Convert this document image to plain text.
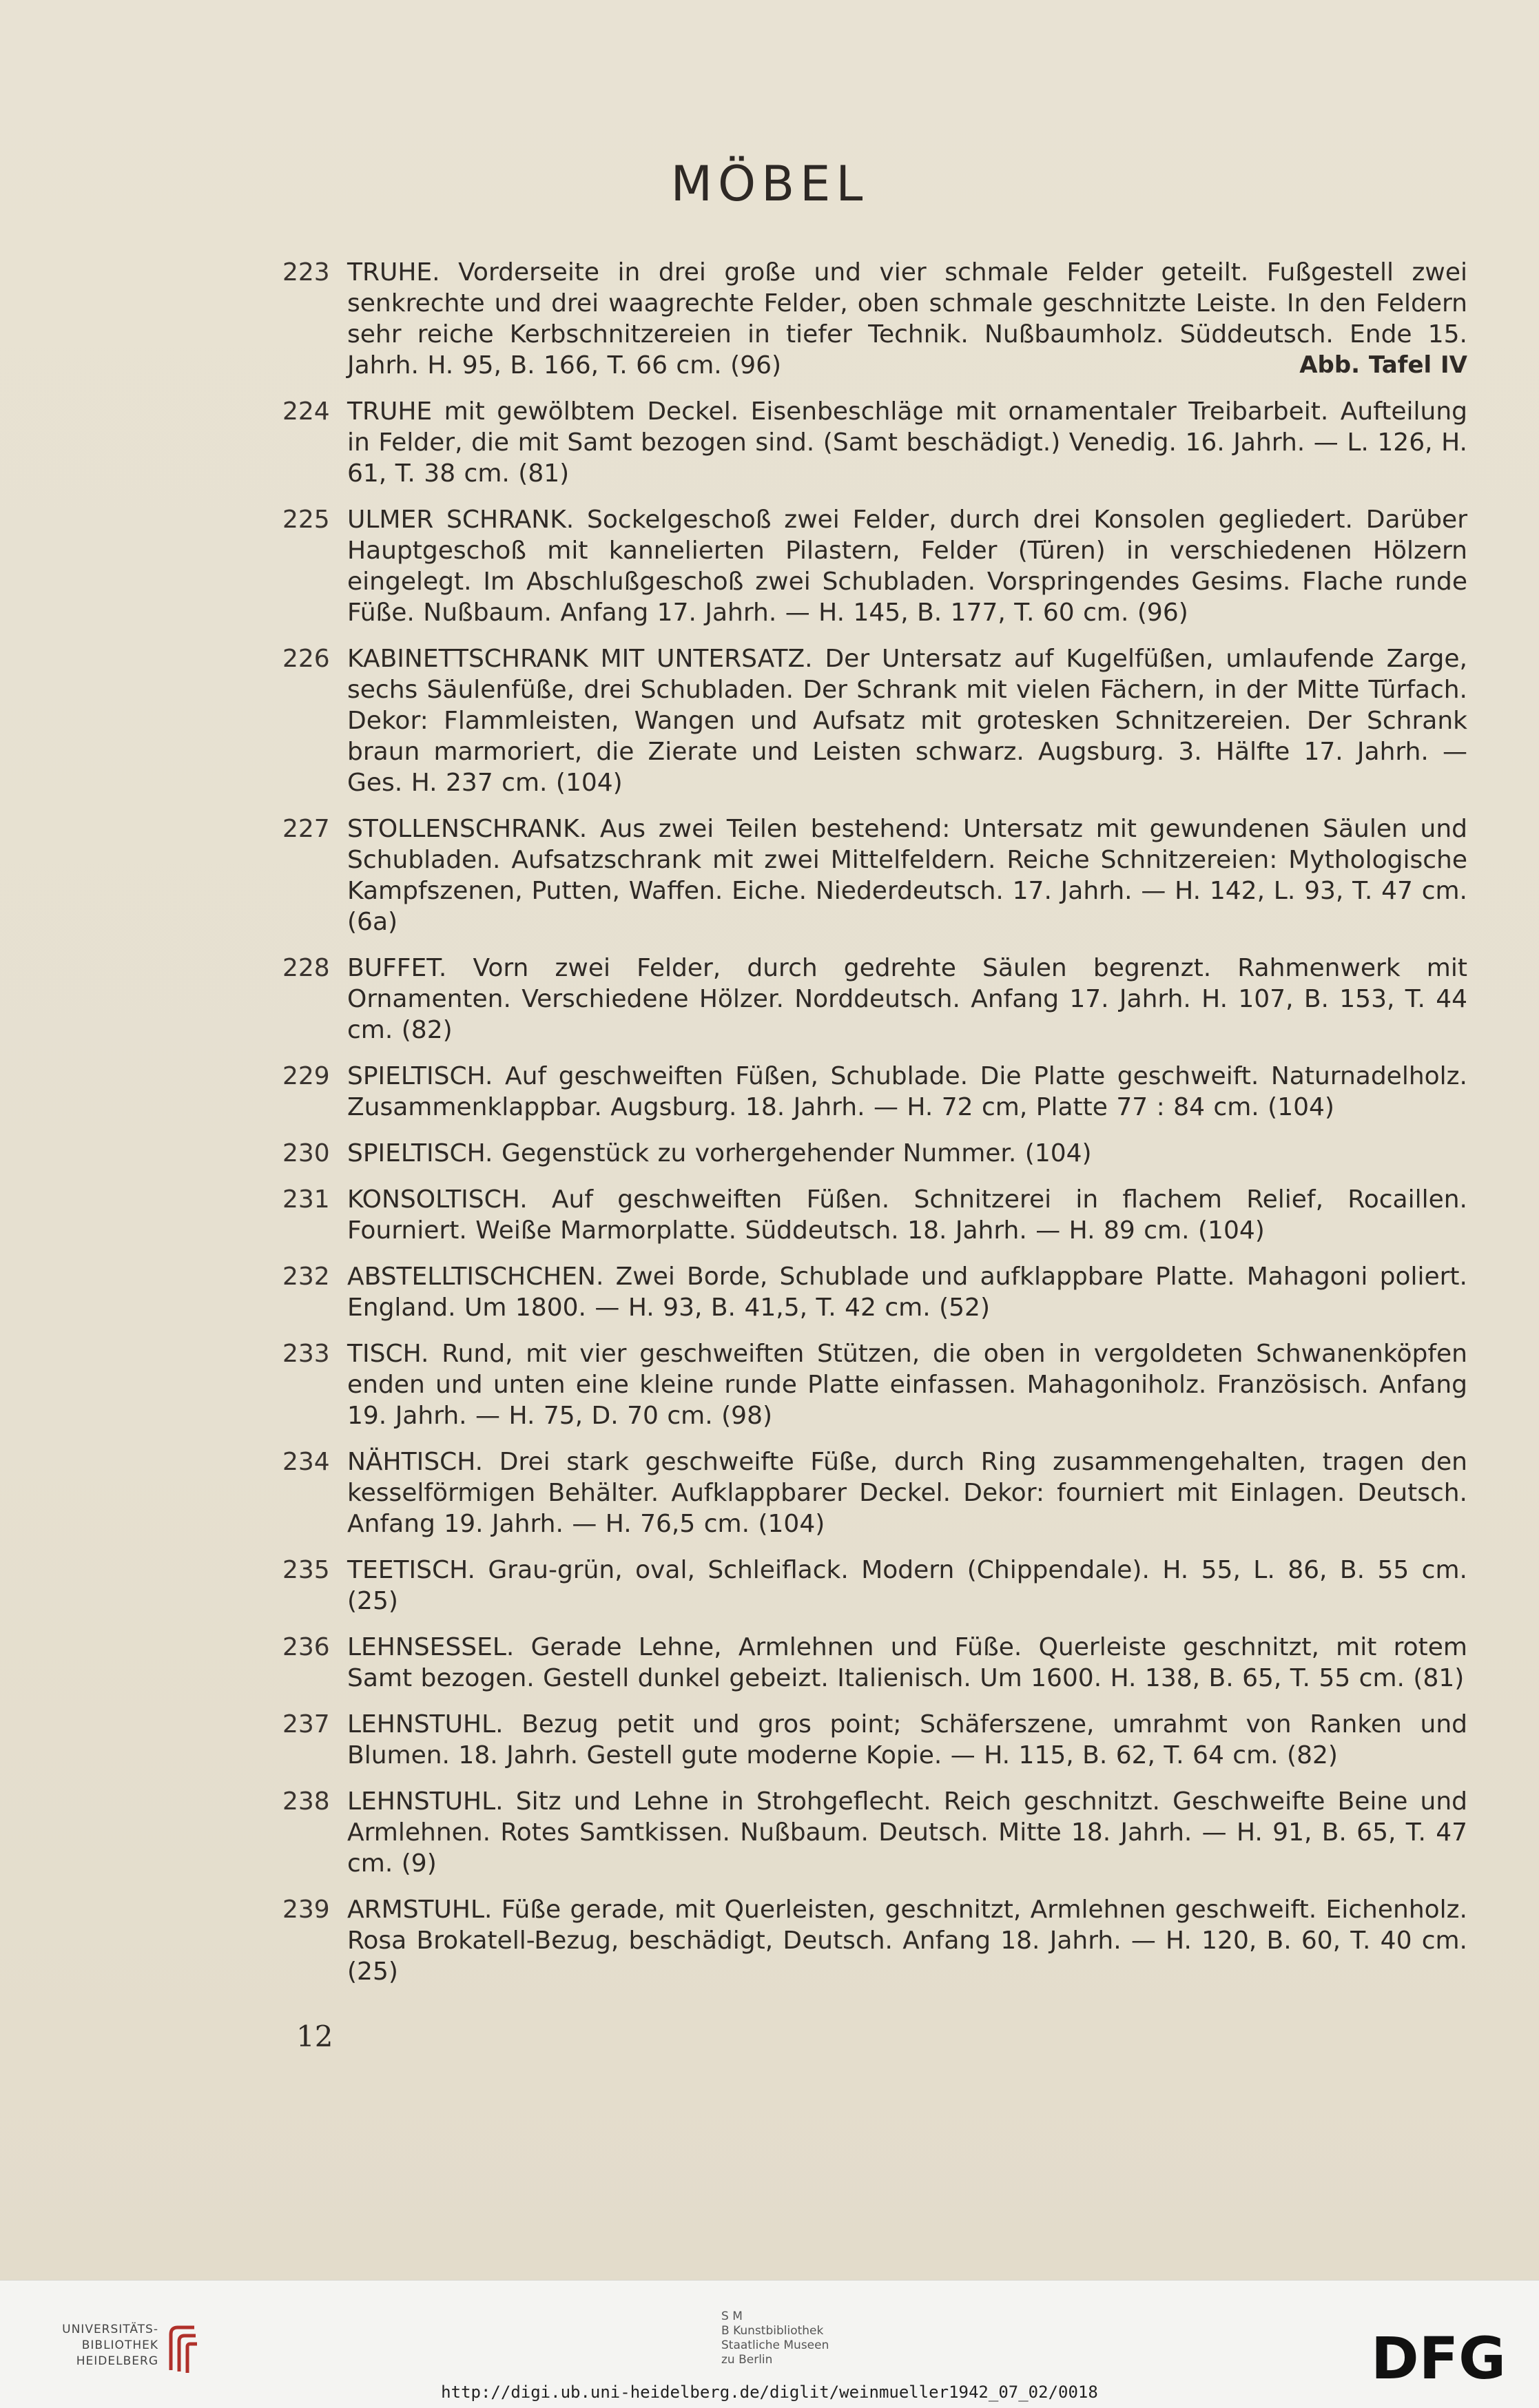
MÖBEL
223 TRUHE. Vorderseite in drei große und vier schmale Felder geteilt. Fußgestell zwei senkrechte und drei waagrechte Felder, oben schmale geschnitzte Leiste. In den Feldern sehr reiche Kerbschnitzereien in tiefer Technik. Nußbaumholz. Süddeutsch. Ende 15. Jahrh. H. 95, B. 166, T. 66 cm. (96)	Abb. Tafel IV
224 TRUHE mit gewölbtem Deckel. Eisenbeschläge mit ornamentaler Treibarbeit. Aufteilung in Felder, die mit Samt bezogen sind. (Samt beschädigt.) Venedig. 16. Jahrh. — L. 126, H. 61, T. 38 cm. (81)
225 ULMER SCHRANK. Sockelgeschoß zwei Felder, durch drei Konsolen gegliedert. Darüber Hauptgeschoß mit kannelierten Pilastern, Felder (Türen) in verschiedenen Hölzern eingelegt. Im Abschlußgeschoß zwei Schubladen. Vorspringendes Gesims. Flache runde Füße. Nußbaum. Anfang 17. Jahrh. — H. 145, B. 177, T. 60 cm. (96)
226 KABINETTSCHRANK MIT UNTERSATZ. Der Untersatz auf Kugelfüßen, umlaufende Zarge, sechs Säulenfüße, drei Schubladen. Der Schrank mit vielen Fächern, in der Mitte Türfach. Dekor: Flammleisten, Wangen und Aufsatz mit grotesken Schnitzereien. Der Schrank braun marmoriert, die Zierate und Leisten schwarz. Augsburg. 3. Hälfte 17. Jahrh. — Ges. H. 237 cm. (104)
227 STOLLENSCHRANK. Aus zwei Teilen bestehend: Untersatz mit gewundenen Säulen und Schubladen. Aufsatzschrank mit zwei Mittelfeldern. Reiche Schnitzereien: Mythologische Kampfszenen, Putten, Waffen. Eiche. Niederdeutsch. 17. Jahrh. — H. 142, L. 93, T. 47 cm. (6a)
228 BUFFET. Vorn zwei Felder, durch gedrehte Säulen begrenzt. Rahmenwerk mit Ornamenten. Verschiedene Hölzer. Norddeutsch. Anfang 17. Jahrh. H. 107, B. 153, T. 44 cm. (82)
229 SPIELTISCH. Auf geschweiften Füßen, Schublade. Die Platte geschweift. Naturnadelholz. Zusammenklappbar. Augsburg. 18. Jahrh. — H. 72 cm, Platte 77 : 84 cm. (104)
230 SPIELTISCH. Gegenstück zu vorhergehender Nummer. (104)
231 KONSOLTISCH. Auf geschweiften Füßen. Schnitzerei in flachem Relief, Rocaillen. Fourniert. Weiße Marmorplatte. Süddeutsch. 18. Jahrh. — H. 89 cm. (104)
232 ABSTELLTISCHCHEN. Zwei Borde, Schublade und aufklappbare Platte. Mahagoni poliert. England. Um 1800. — H. 93, B. 41,5, T. 42 cm. (52)
233 TISCH. Rund, mit vier geschweiften Stützen, die oben in vergoldeten Schwanenköpfen enden und unten eine kleine runde Platte einfassen. Mahagoniholz. Französisch. Anfang 19. Jahrh. — H. 75, D. 70 cm. (98)
234 NÄHTISCH. Drei stark geschweifte Füße, durch Ring zusammengehalten, tragen den kesselförmigen Behälter. Aufklappbarer Deckel. Dekor: fourniert mit Einlagen. Deutsch. Anfang 19. Jahrh. — H. 76,5 cm. (104)
235 TEETISCH. Grau-grün, oval, Schleiflack. Modern (Chippendale). H. 55, L. 86, B. 55 cm. (25)
236 LEHNSESSEL. Gerade Lehne, Armlehnen und Füße. Querleiste geschnitzt, mit rotem Samt bezogen. Gestell dunkel gebeizt. Italienisch. Um 1600. H. 138, B. 65, T. 55 cm. (81)
237 LEHNSTUHL. Bezug petit und gros point; Schäferszene, umrahmt von Ranken und Blumen. 18. Jahrh. Gestell gute moderne Kopie. — H. 115, B. 62, T. 64 cm. (82)
238 LEHNSTUHL. Sitz und Lehne in Strohgeflecht. Reich geschnitzt. Geschweifte Beine und Armlehnen. Rotes Samtkissen. Nußbaum. Deutsch. Mitte 18. Jahrh. — H. 91, B. 65, T. 47 cm. (9)
239 ARMSTUHL. Füße gerade, mit Querleisten, geschnitzt, Armlehnen geschweift. Eichenholz. Rosa Brokatell-Bezug, beschädigt, Deutsch. Anfang 18. Jahrh. — H. 120, B. 60, T. 40 cm. (25)
12
UNIVERSITÄTS-
BIBLIOTHEK
HEIDELBERG
S M
B Kunstbibliothek
Staatliche Museen
zu Berlin	DFG
http://digi.ub.uni-heidelberg.de/diglit/weinmueller1942_07_02/0018
